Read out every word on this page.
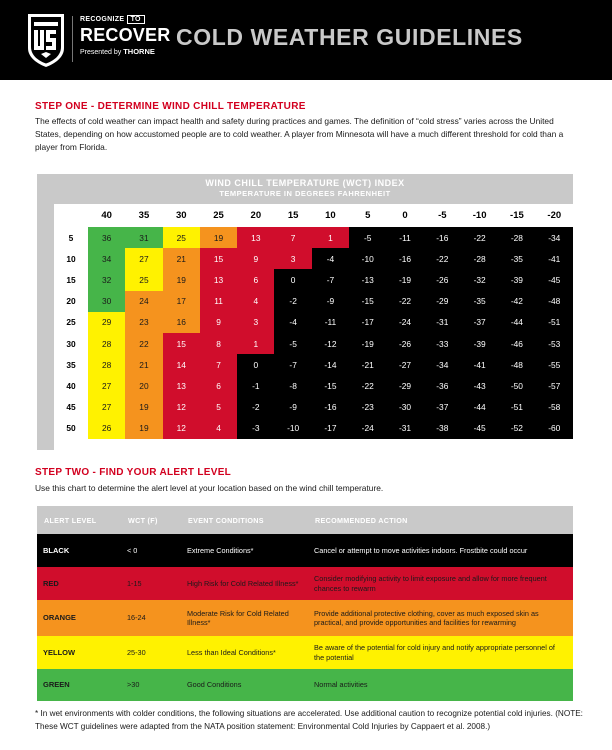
RECOGNIZE TO
RECOVER
Presented by THORNE
COLD WEATHER GUIDELINES
STEP ONE - DETERMINE WIND CHILL TEMPERATURE
The effects of cold weather can impact health and safety during practices and games. The definition of “cold stress” varies across the United States, depending on how accustomed people are to cold weather. A player from Minnesota will have a much different threshold for cold than a player from Florida.
WIND CHILL TEMPERATURE (WCT) INDEX
TEMPERATURE IN DEGREES FAHRENHEIT
	40	35	30	25	20	15	10	5	0	-5	-10	-15	-20
5	36	31	25	19	13	7	1	-5	-11	-16	-22	-28	-34
10	34	27	21	15	9	3	-4	-10	-16	-22	-28	-35	-41
15	32	25	19	13	6	0	-7	-13	-19	-26	-32	-39	-45
20	30	24	17	11	4	-2	-9	-15	-22	-29	-35	-42	-48
25	29	23	16	9	3	-4	-11	-17	-24	-31	-37	-44	-51
30	28	22	15	8	1	-5	-12	-19	-26	-33	-39	-46	-53
35	28	21	14	7	0	-7	-14	-21	-27	-34	-41	-48	-55
40	27	20	13	6	-1	-8	-15	-22	-29	-36	-43	-50	-57
45	27	19	12	5	-2	-9	-16	-23	-30	-37	-44	-51	-58
50	26	19	12	4	-3	-10	-17	-24	-31	-38	-45	-52	-60
WIND SPEED
STEP TWO - FIND YOUR ALERT LEVEL
Use this chart to determine the alert level at your location based on the wind chill temperature.
ALERT LEVEL	WCT (F)	EVENT CONDITIONS	RECOMMENDED ACTION
BLACK	< 0	Extreme Conditions*	Cancel or attempt to move activities indoors. Frostbite could occur
RED	1-15	High Risk for Cold Related Illness*	Consider modifying activity to limit exposure and allow for more frequent chances to rewarm
ORANGE	16-24	Moderate Risk for Cold Related Illness*	Provide additional protective clothing, cover as much exposed skin as practical, and provide opportunities and facilities for rewarming
YELLOW	25-30	Less than Ideal Conditions*	Be aware of the potential for cold injury and notify appropriate personnel of the potential
GREEN	>30	Good Conditions	Normal activities
* In wet environments with colder conditions, the following situations are accelerated. Use additional caution to recognize potential cold injuries. (NOTE: These WCT guidelines were adapted from the NATA position statement: Environmental Cold Injuries by Cappaert et al. 2008.)
